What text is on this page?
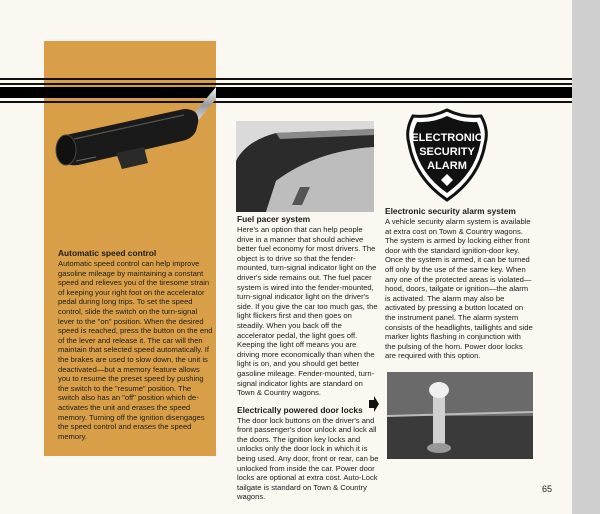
ELECTRONIC
SECURITY
ALARM
Automatic speed control

Automatic speed control can help improve gasoline mileage by maintaining a constant speed and relieves you of the tiresome strain of keeping your right foot on the accelerator pedal during long trips. To set the speed control, slide the switch on the turn-signal lever to the "on" position. When the desired speed is reached, press the button on the end of the lever and release it. The car will then maintain that selected speed automatically. If the brakes are used to slow down, the unit is deactivated—but a memory feature allows you to resume the preset speed by pushing the switch to the "resume" position. The switch also has an "off" position which de-activates the unit and erases the speed memory. Turning off the ignition disengages the speed control and erases the speed memory.

Fuel pacer system

Here's an option that can help people drive in a manner that should achieve better fuel economy for most drivers. The object is to drive so that the fender-mounted, turn-signal indicator light on the driver's side remains out. The fuel pacer system is wired into the fender-mounted, turn-signal indicator light on the driver's side. If you give the car too much gas, the light flickers first and then goes on steadily. When you back off the accelerator pedal, the light goes off. Keeping the light off means you are driving more economically than when the light is on, and you should get better gasoline mileage. Fender-mounted, turn-signal indicator lights are standard on Town & Country wagons.

Electrically powered door locks

The door lock buttons on the driver's and front passenger's door unlock and lock all the doors. The ignition key locks and unlocks only the door lock in which it is being used. Any door, front or rear, can be unlocked from inside the car. Power door locks are optional at extra cost. Auto-Lock tailgate is standard on Town & Country wagons.

Electronic security alarm system

A vehicle security alarm system is available at extra cost on Town & Country wagons. The system is armed by locking either front door with the standard ignition-door key. Once the system is armed, it can be turned off only by the use of the same key. When any one of the protected areas is violated—hood, doors, tailgate or ignition—the alarm is activated. The alarm may also be activated by pressing a button located on the instrument panel. The alarm system consists of the headlights, taillights and side marker lights flashing in conjunction with the pulsing of the horn. Power door locks are required with this option.

65
